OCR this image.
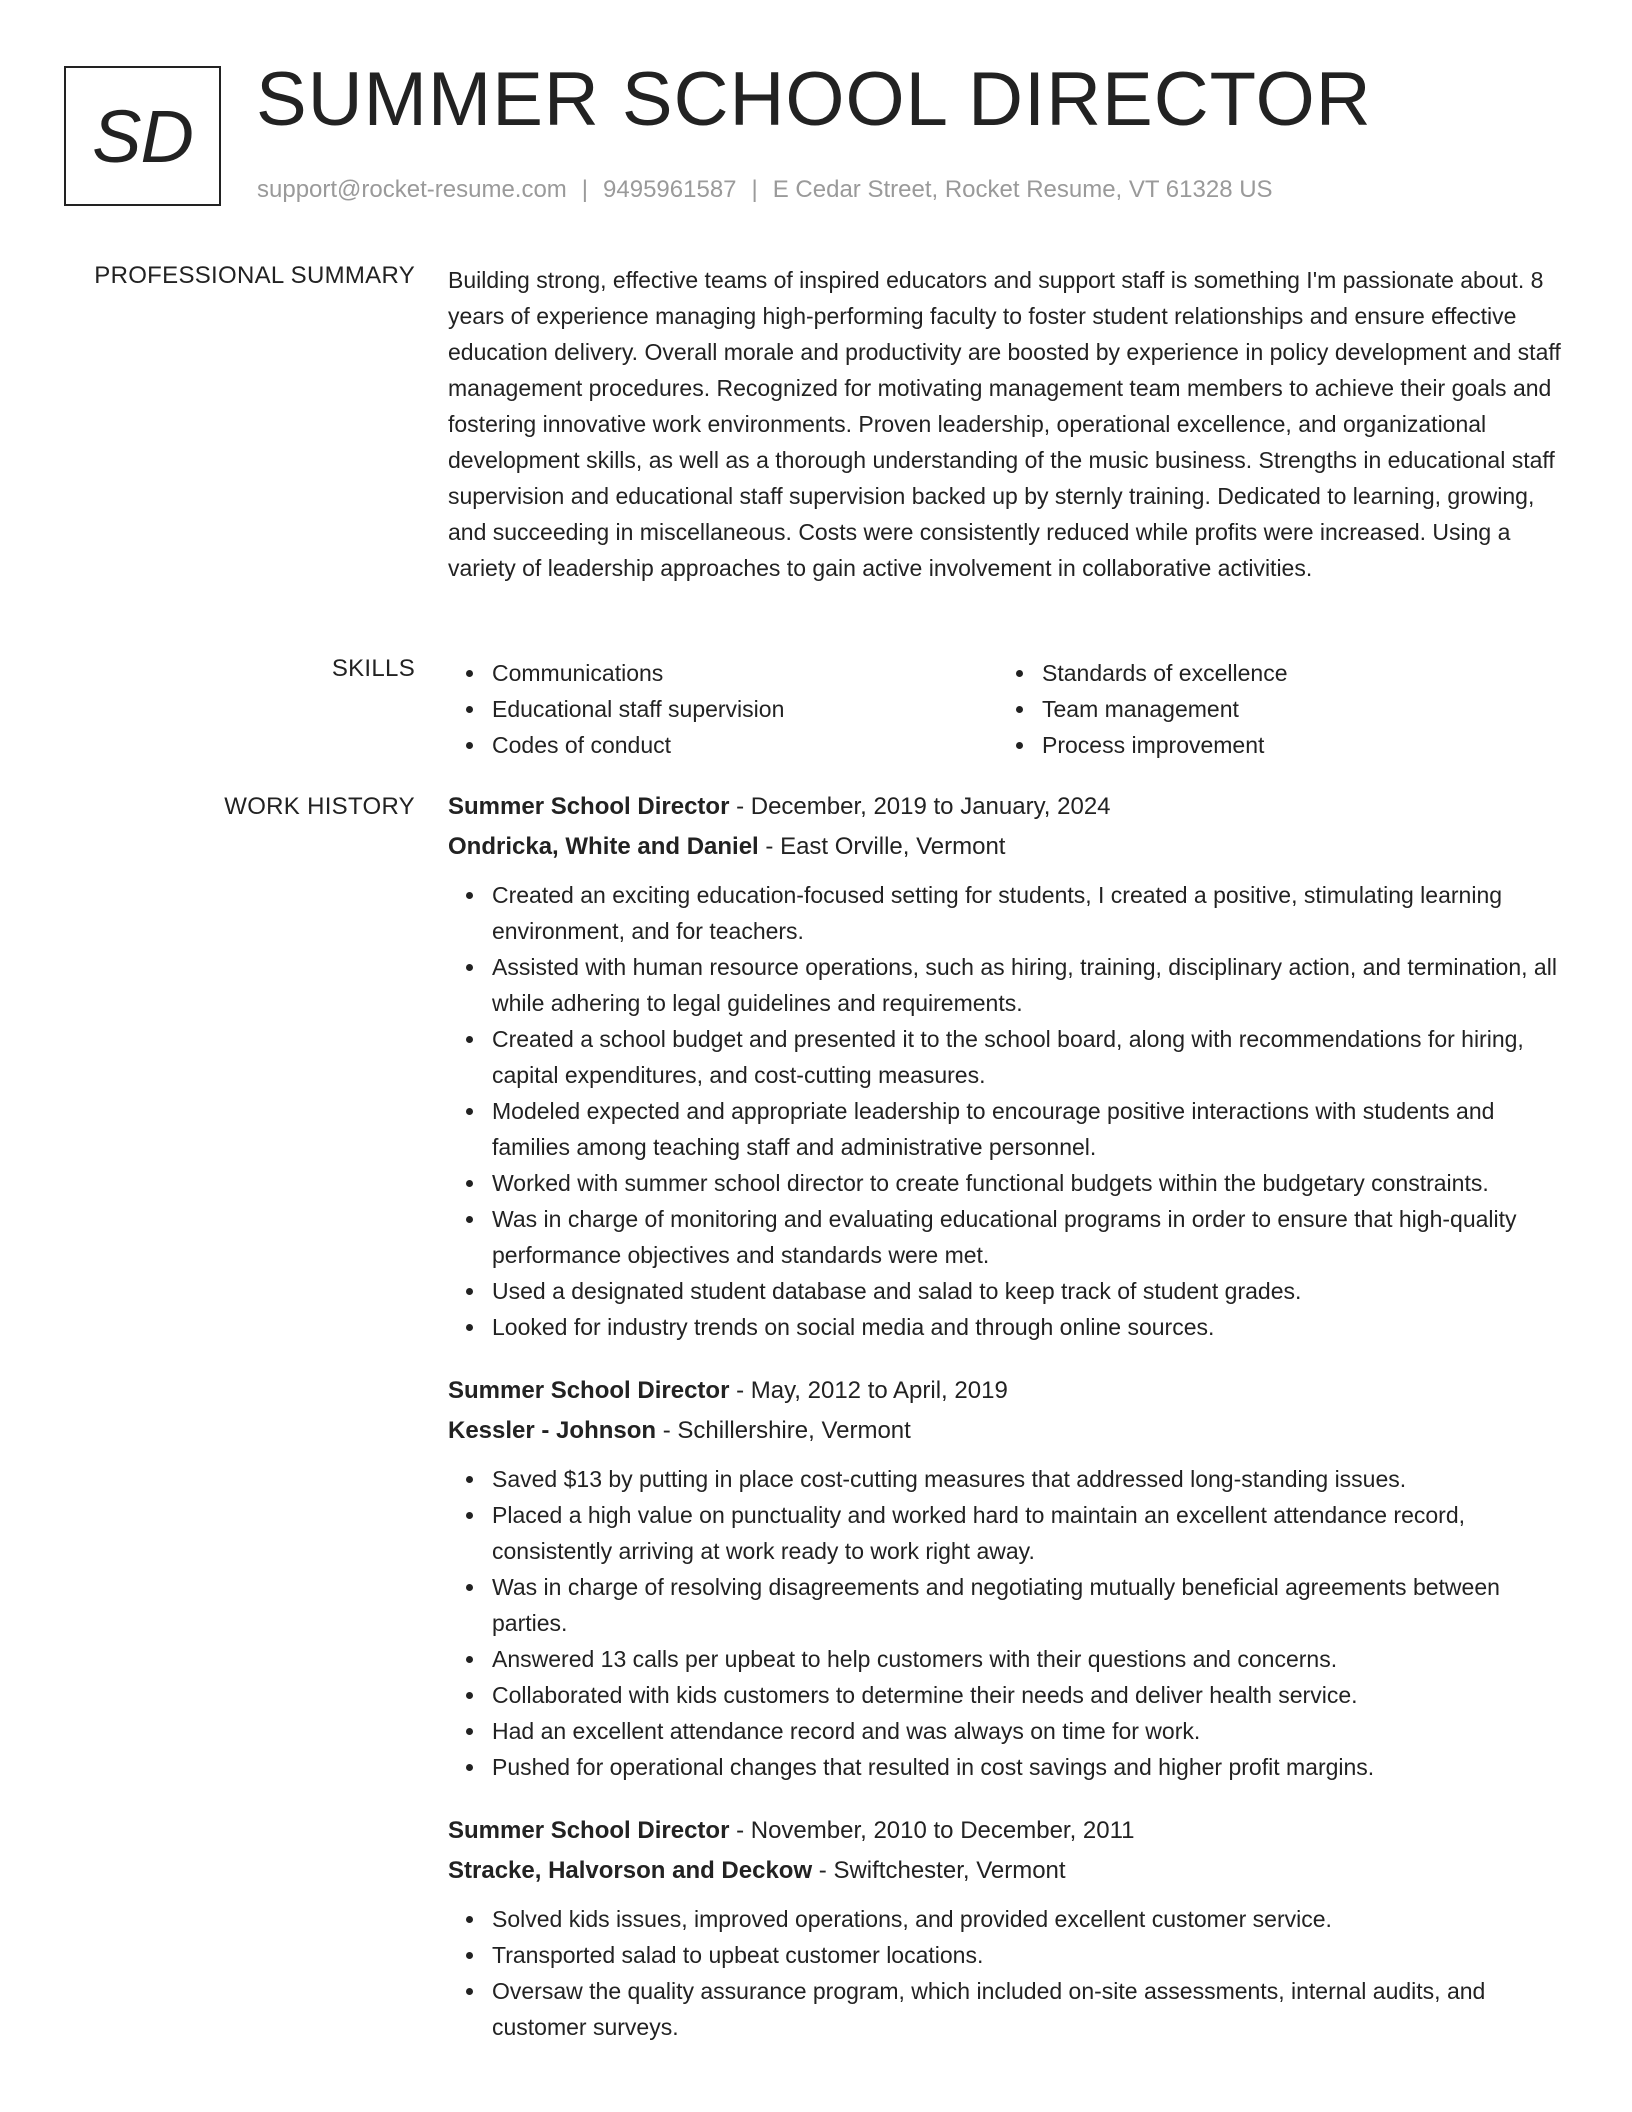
SD SUMMER SCHOOL DIRECTOR
support@rocket-resume.com | 9495961587 | E Cedar Street, Rocket Resume, VT 61328 US
PROFESSIONAL SUMMARY Building strong, effective teams of inspired educators and support staff is something I'm passionate about. 8 years of experience managing high-performing faculty to foster student relationships and ensure effective education delivery. Overall morale and productivity are boosted by experience in policy development and staff management procedures. Recognized for motivating management team members to achieve their goals and fostering innovative work environments. Proven leadership, operational excellence, and organizational development skills, as well as a thorough understanding of the music business. Strengths in educational staff supervision and educational staff supervision backed up by sternly training. Dedicated to learning, growing, and succeeding in miscellaneous. Costs were consistently reduced while profits were increased. Using a variety of leadership approaches to gain active involvement in collaborative activities.

SKILLS	Communications
Educational staff supervision
Codes of conduct
Standards of excellence
Team management
Process improvement
WORK HISTORY Summer School Director - December, 2019 to January, 2024
Ondricka, White and Daniel - East Orville, Vermont
Created an exciting education-focused setting for students, I created a positive, stimulating learning environment, and for teachers.
Assisted with human resource operations, such as hiring, training, disciplinary action, and termination, all while adhering to legal guidelines and requirements.
Created a school budget and presented it to the school board, along with recommendations for hiring, capital expenditures, and cost-cutting measures.
Modeled expected and appropriate leadership to encourage positive interactions with students and families among teaching staff and administrative personnel.
Worked with summer school director to create functional budgets within the budgetary constraints.
Was in charge of monitoring and evaluating educational programs in order to ensure that high-quality performance objectives and standards were met.
Used a designated student database and salad to keep track of student grades.
Looked for industry trends on social media and through online sources.
Summer School Director - May, 2012 to April, 2019
Kessler - Johnson - Schillershire, Vermont
Saved $13 by putting in place cost-cutting measures that addressed long-standing issues.
Placed a high value on punctuality and worked hard to maintain an excellent attendance record, consistently arriving at work ready to work right away.
Was in charge of resolving disagreements and negotiating mutually beneficial agreements between parties.
Answered 13 calls per upbeat to help customers with their questions and concerns.
Collaborated with kids customers to determine their needs and deliver health service.
Had an excellent attendance record and was always on time for work.
Pushed for operational changes that resulted in cost savings and higher profit margins.
Summer School Director - November, 2010 to December, 2011
Stracke, Halvorson and Deckow - Swiftchester, Vermont
Solved kids issues, improved operations, and provided excellent customer service.
Transported salad to upbeat customer locations.
Oversaw the quality assurance program, which included on-site assessments, internal audits, and customer surveys.
